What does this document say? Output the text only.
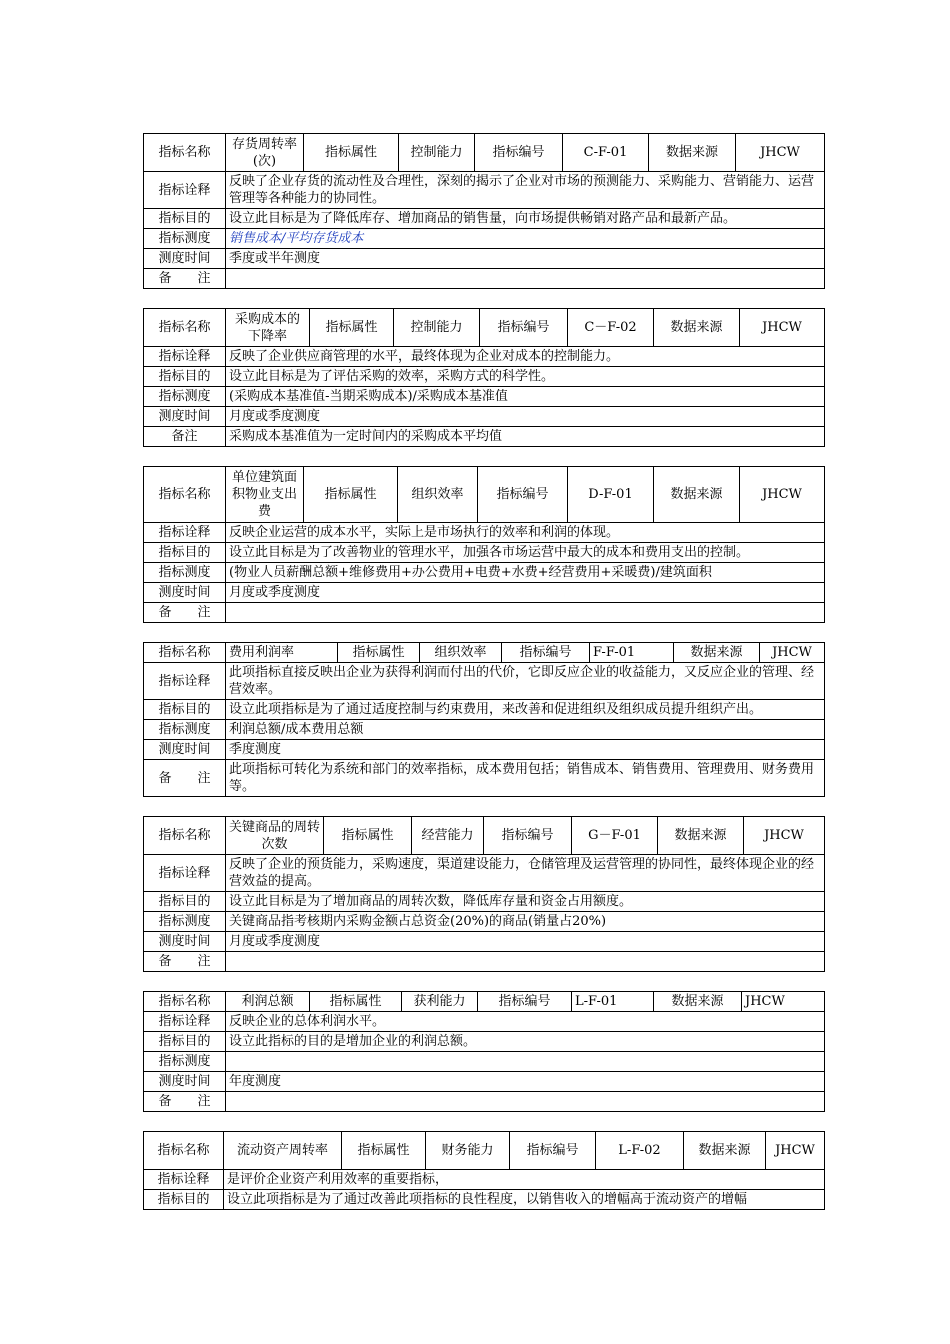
指标名称	存货周转率(次)	指标属性	控制能力	指标编号	C-F-01	数据来源	JHCW
指标诠释	反映了企业存货的流动性及合理性，深刻的揭示了企业对市场的预测能力、采购能力、营销能力、运营管理等各种能力的协同性。						
指标目的	设立此目标是为了降低库存、增加商品的销售量，向市场提供畅销对路产品和最新产品。						
指标测度	销售成本/平均存货成本						
测度时间	季度或半年测度						
备　　注							
指标名称	采购成本的下降率	指标属性	控制能力	指标编号	C－F-02	数据来源	JHCW
指标诠释	反映了企业供应商管理的水平，最终体现为企业对成本的控制能力。						
指标目的	设立此目标是为了评估采购的效率，采购方式的科学性。						
指标测度	(采购成本基准值-当期采购成本)/采购成本基准值						
测度时间	月度或季度测度						
备注	采购成本基准值为一定时间内的采购成本平均值						
指标名称	单位建筑面积物业支出费	指标属性	组织效率	指标编号	D-F-01	数据来源	JHCW
指标诠释	反映企业运营的成本水平，实际上是市场执行的效率和利润的体现。						
指标目的	设立此目标是为了改善物业的管理水平，加强各市场运营中最大的成本和费用支出的控制。						
指标测度	(物业人员薪酬总额+维修费用+办公费用+电费+水费+经营费用+采暖费)/建筑面积						
测度时间	月度或季度测度						
备　　注							
指标名称	费用利润率	指标属性	组织效率	指标编号	F-F-01	数据来源	JHCW
指标诠释	此项指标直接反映出企业为获得利润而付出的代价，它即反应企业的收益能力，又反应企业的管理、经营效率。						
指标目的	设立此项指标是为了通过适度控制与约束费用，来改善和促进组织及组织成员提升组织产出。						
指标测度	利润总额/成本费用总额						
测度时间	季度测度						
备　　注	此项指标可转化为系统和部门的效率指标，成本费用包括；销售成本、销售费用、管理费用、财务费用等。						
指标名称	关键商品的周转次数	指标属性	经营能力	指标编号	G－F-01	数据来源	JHCW
指标诠释	反映了企业的预货能力，采购速度，渠道建设能力，仓储管理及运营管理的协同性，最终体现企业的经营效益的提高。						
指标目的	设立此目标是为了增加商品的周转次数，降低库存量和资金占用额度。						
指标测度	关键商品指考核期内采购金额占总资金(20%)的商品(销量占20%)						
测度时间	月度或季度测度						
备　　注							
指标名称	利润总额	指标属性	获利能力	指标编号	L-F-01	数据来源	JHCW
指标诠释	反映企业的总体利润水平。						
指标目的	设立此指标的目的是增加企业的利润总额。						
指标测度							
测度时间	年度测度						
备　　注							
指标名称	流动资产周转率	指标属性	财务能力	指标编号	L-F-02	数据来源	JHCW
指标诠释	是评价企业资产利用效率的重要指标，						
指标目的	设立此项指标是为了通过改善此项指标的良性程度，以销售收入的增幅高于流动资产的增幅						
